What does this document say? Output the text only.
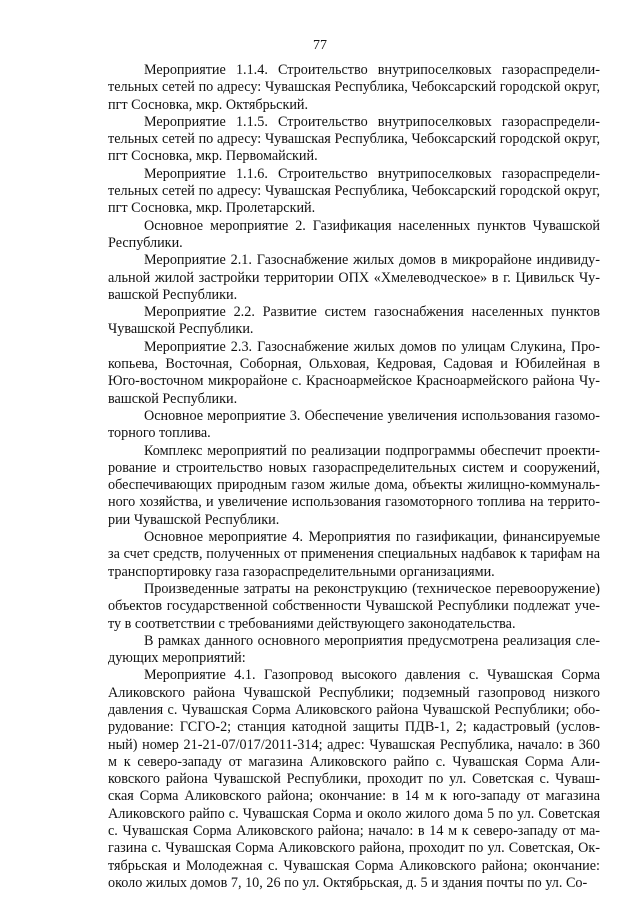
77

Мероприятие 1.1.4. Строительство внутрипоселковых газораспределительных сетей по адресу: Чувашская Республика, Чебоксарский городской округ, пгт Сосновка, мкр. Октябрьский.

Мероприятие 1.1.5. Строительство внутрипоселковых газораспределительных сетей по адресу: Чувашская Республика, Чебоксарский городской округ, пгт Сосновка, мкр. Первомайский.

Мероприятие 1.1.6. Строительство внутрипоселковых газораспределительных сетей по адресу: Чувашская Республика, Чебоксарский городской округ, пгт Сосновка, мкр. Пролетарский.

Основное мероприятие 2. Газификация населенных пунктов Чувашской Республики.

Мероприятие 2.1. Газоснабжение жилых домов в микрорайоне индивидуальной жилой застройки территории ОПХ «Хмелеводческое» в г. Цивильск Чувашской Республики.

Мероприятие 2.2. Развитие систем газоснабжения населенных пунктов Чувашской Республики.

Мероприятие 2.3. Газоснабжение жилых домов по улицам Слукина, Прокопьева, Восточная, Соборная, Ольховая, Кедровая, Садовая и Юбилейная в Юго-восточном микрорайоне с. Красноармейское Красноармейского района Чувашской Республики.

Основное мероприятие 3. Обеспечение увеличения использования газомоторного топлива.

Комплекс мероприятий по реализации подпрограммы обеспечит проектирование и строительство новых газораспределительных систем и сооружений, обеспечивающих природным газом жилые дома, объекты жилищно-коммунального хозяйства, и увеличение использования газомоторного топлива на территории Чувашской Республики.

Основное мероприятие 4. Мероприятия по газификации, финансируемые за счет средств, полученных от применения специальных надбавок к тарифам на транспортировку газа газораспределительными организациями.

Произведенные затраты на реконструкцию (техническое перевооружение) объектов государственной собственности Чувашской Республики подлежат учету в соответствии с требованиями действующего законодательства.

В рамках данного основного мероприятия предусмотрена реализация следующих мероприятий:

Мероприятие 4.1. Газопровод высокого давления с. Чувашская Сорма Аликовского района Чувашской Республики; подземный газопровод низкого давления с. Чувашская Сорма Аликовского района Чувашской Республики; оборудование: ГСГО-2; станция катодной защиты ПДВ-1, 2; кадастровый (условный) номер 21-21-07/017/2011-314; адрес: Чувашская Республика, начало: в 360 м к северо-западу от магазина Аликовского райпо с. Чувашская Сорма Аликовского района Чувашской Республики, проходит по ул. Советская с. Чувашская Сорма Аликовского района; окончание: в 14 м к юго-западу от магазина Аликовского райпо с. Чувашская Сорма и около жилого дома 5 по ул. Советская с. Чувашская Сорма Аликовского района; начало: в 14 м к северо-западу от магазина с. Чувашская Сорма Аликовского района, проходит по ул. Советская, Октябрьская и Молодежная с. Чувашская Сорма Аликовского района; окончание: около жилых домов 7, 10, 26 по ул. Октябрьская, д. 5 и здания почты по ул. Со-
